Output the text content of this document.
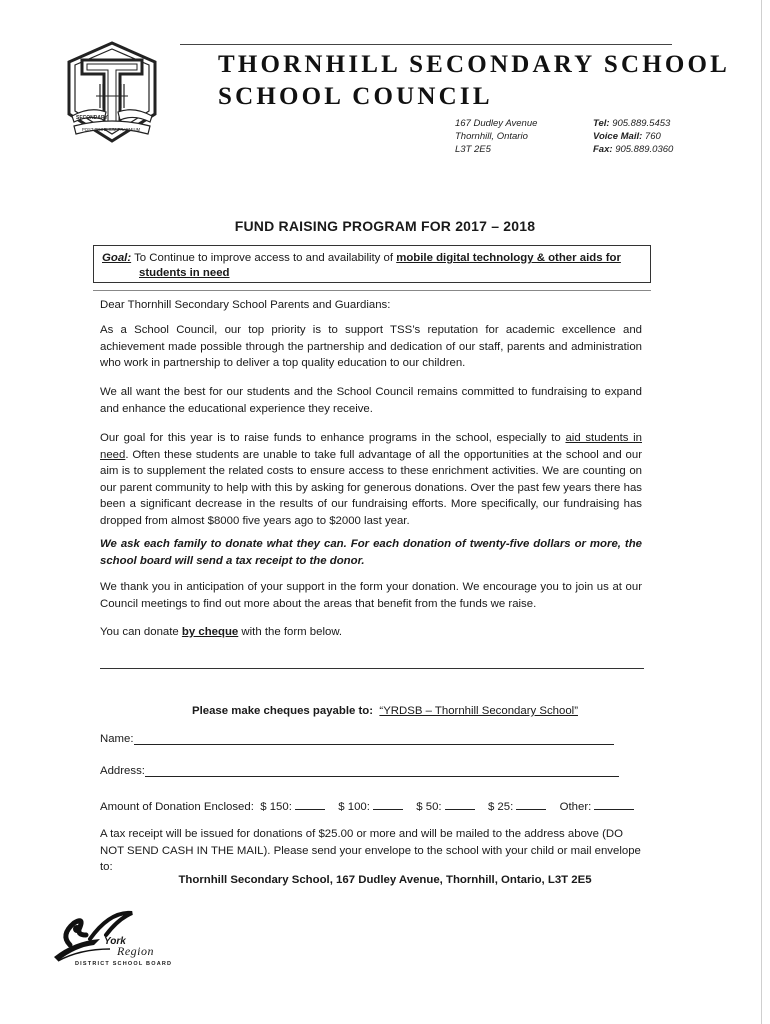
SECONDARY
POST PROELIUM PRAEMIUM
THORNHILL SECONDARY SCHOOL
SCHOOL COUNCIL
167 Dudley Avenue
Thornhill, Ontario
L3T 2E5
Tel: 905.889.5453
Voice Mail: 760
Fax: 905.889.0360
FUND RAISING PROGRAM FOR 2017 – 2018
Goal: To Continue to improve access to and availability of mobile digital technology & other aids for
students in need
Dear Thornhill Secondary School Parents and Guardians:
As a School Council, our top priority is to support TSS’s reputation for academic excellence and achievement made possible through the partnership and dedication of our staff, parents and administration who work in partnership to deliver a top quality education to our children.
We all want the best for our students and the School Council remains committed to fundraising to expand and enhance the educational experience they receive.
Our goal for this year is to raise funds to enhance programs in the school, especially to aid students in need. Often these students are unable to take full advantage of all the opportunities at the school and our aim is to supplement the related costs to ensure access to these enrichment activities. We are counting on our parent community to help with this by asking for generous donations. Over the past few years there has been a significant decrease in the results of our fundraising efforts. More specifically, our fundraising has dropped from almost $8000 five years ago to $2000 last year.
We ask each family to donate what they can. For each donation of twenty-five dollars or more, the school board will send a tax receipt to the donor.
We thank you in anticipation of your support in the form your donation. We encourage you to join us at our Council meetings to find out more about the areas that benefit from the funds we raise.
You can donate by cheque with the form below.
Please make cheques payable to: “YRDSB – Thornhill Secondary School”
Name:
Address:
Amount of Donation Enclosed: $ 150:	$ 100:	$ 50:	$ 25:	Other:
A tax receipt will be issued for donations of $25.00 or more and will be mailed to the address above (DO NOT SEND CASH IN THE MAIL). Please send your envelope to the school with your child or mail envelope to:
Thornhill Secondary School, 167 Dudley Avenue, Thornhill, Ontario, L3T 2E5
York
Region
DISTRICT SCHOOL BOARD
